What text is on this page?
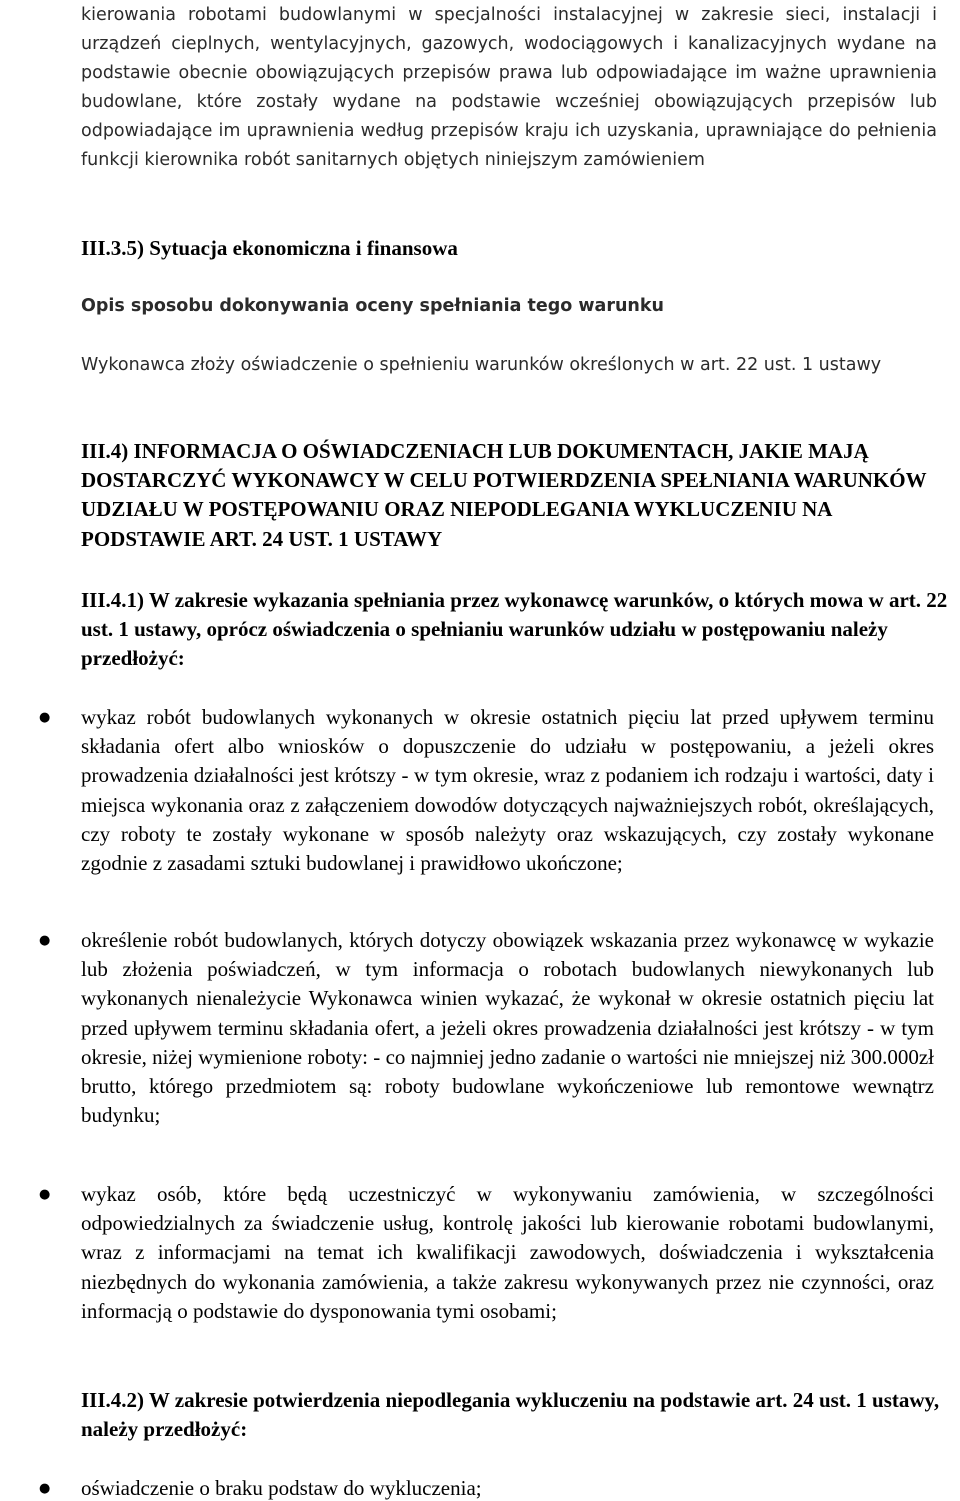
kierowania robotami budowlanymi w specjalności instalacyjnej w zakresie sieci, instalacji i urządzeń cieplnych, wentylacyjnych, gazowych, wodociągowych i kanalizacyjnych wydane na podstawie obecnie obowiązujących przepisów prawa lub odpowiadające im ważne uprawnienia budowlane, które zostały wydane na podstawie wcześniej obowiązujących przepisów lub odpowiadające im uprawnienia według przepisów kraju ich uzyskania, uprawniające do pełnienia funkcji kierownika robót sanitarnych objętych niniejszym zamówieniem

III.3.5) Sytuacja ekonomiczna i finansowa

Opis sposobu dokonywania oceny spełniania tego warunku

Wykonawca złoży oświadczenie o spełnieniu warunków określonych w art. 22 ust. 1 ustawy

III.4) INFORMACJA O OŚWIADCZENIACH LUB DOKUMENTACH, JAKIE MAJĄ DOSTARCZYĆ WYKONAWCY W CELU POTWIERDZENIA SPEŁNIANIA WARUNKÓW UDZIAŁU W POSTĘPOWANIU ORAZ NIEPODLEGANIA WYKLUCZENIU NA PODSTAWIE ART. 24 UST. 1 USTAWY

III.4.1) W zakresie wykazania spełniania przez wykonawcę warunków, o których mowa w art. 22 ust. 1 ustawy, oprócz oświadczenia o spełnianiu warunków udziału w postępowaniu należy przedłożyć:

● wykaz robót budowlanych wykonanych w okresie ostatnich pięciu lat przed upływem terminu składania ofert albo wniosków o dopuszczenie do udziału w postępowaniu, a jeżeli okres prowadzenia działalności jest krótszy - w tym okresie, wraz z podaniem ich rodzaju i wartości, daty i miejsca wykonania oraz z załączeniem dowodów dotyczących najważniejszych robót, określających, czy roboty te zostały wykonane w sposób należyty oraz wskazujących, czy zostały wykonane zgodnie z zasadami sztuki budowlanej i prawidłowo ukończone;

● określenie robót budowlanych, których dotyczy obowiązek wskazania przez wykonawcę w wykazie lub złożenia poświadczeń, w tym informacja o robotach budowlanych niewykonanych lub wykonanych nienależycie Wykonawca winien wykazać, że wykonał w okresie ostatnich pięciu lat przed upływem terminu składania ofert, a jeżeli okres prowadzenia działalności jest krótszy - w tym okresie, niżej wymienione roboty: - co najmniej jedno zadanie o wartości nie mniejszej niż 300.000zł brutto, którego przedmiotem są: roboty budowlane wykończeniowe lub remontowe wewnątrz budynku;

● wykaz osób, które będą uczestniczyć w wykonywaniu zamówienia, w szczególności odpowiedzialnych za świadczenie usług, kontrolę jakości lub kierowanie robotami budowlanymi, wraz z informacjami na temat ich kwalifikacji zawodowych, doświadczenia i wykształcenia niezbędnych do wykonania zamówienia, a także zakresu wykonywanych przez nie czynności, oraz informacją o podstawie do dysponowania tymi osobami;

III.4.2) W zakresie potwierdzenia niepodlegania wykluczeniu na podstawie art. 24 ust. 1 ustawy, należy przedłożyć:

● oświadczenie o braku podstaw do wykluczenia;
